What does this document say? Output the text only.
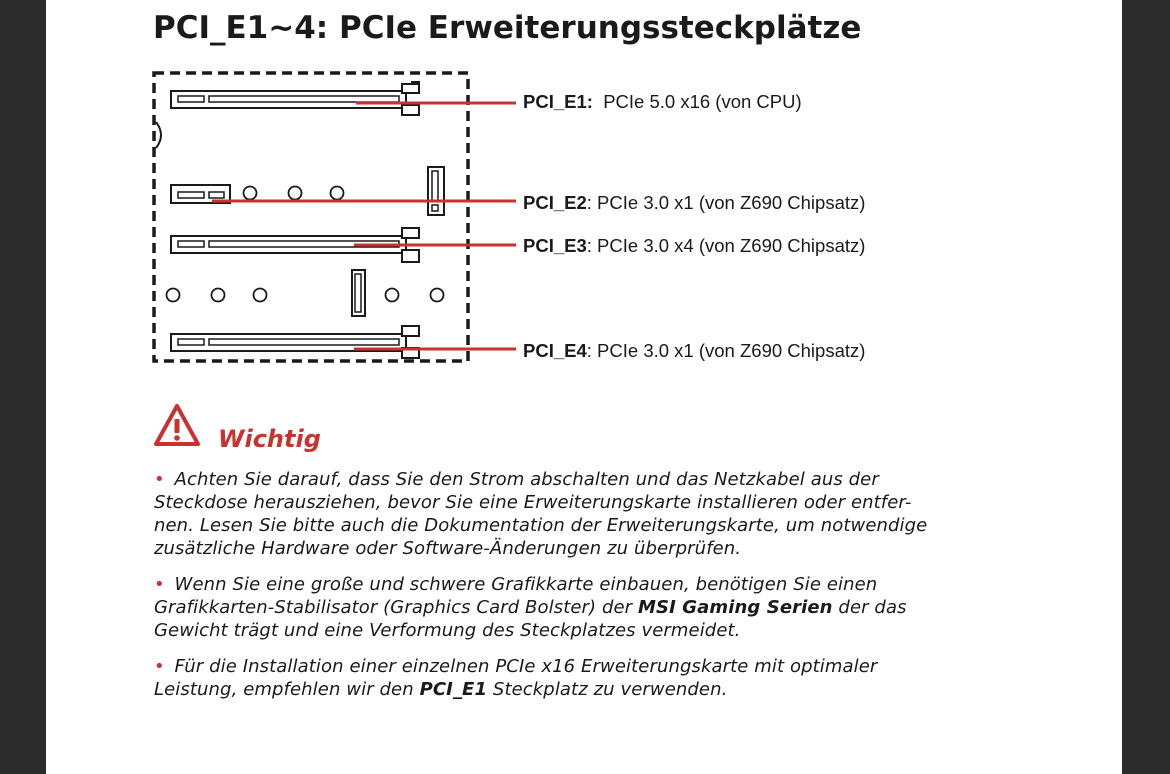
PCI_E1~4: PCIe Erweiterungssteckplätze
PCI_E1: PCIe 5.0 x16 (von CPU)
PCI_E2: PCIe 3.0 x1 (von Z690 Chipsatz)
PCI_E3: PCIe 3.0 x4 (von Z690 Chipsatz)
PCI_E4: PCIe 3.0 x1 (von Z690 Chipsatz)
Wichtig

• Achten Sie darauf, dass Sie den Strom abschalten und das Netzkabel aus der
Steckdose herausziehen, bevor Sie eine Erweiterungskarte installieren oder entfer-
nen. Lesen Sie bitte auch die Dokumentation der Erweiterungskarte, um notwendige
zusätzliche Hardware oder Software-Änderungen zu überprüfen.

• Wenn Sie eine große und schwere Grafikkarte einbauen, benötigen Sie einen
Grafikkarten-Stabilisator (Graphics Card Bolster) der MSI Gaming Serien der das
Gewicht trägt und eine Verformung des Steckplatzes vermeidet.

• Für die Installation einer einzelnen PCIe x16 Erweiterungskarte mit optimaler
Leistung, empfehlen wir den PCI_E1 Steckplatz zu verwenden.
